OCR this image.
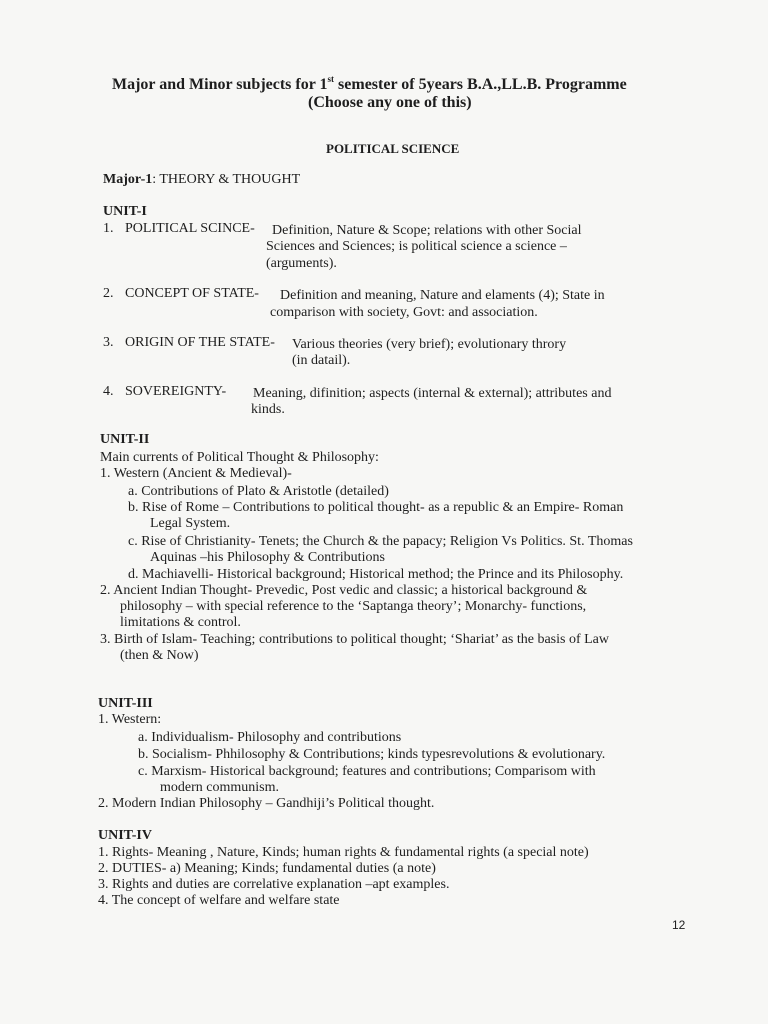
Major and Minor subjects for 1st semester of 5years B.A.,LL.B. Programme
(Choose any one of this)
POLITICAL SCIENCE
Major-1: THEORY & THOUGHT
UNIT-I
1. POLITICAL SCINCE- Definition, Nature & Scope; relations with other Social
Sciences and Sciences; is political science a science –
(arguments).
2. CONCEPT OF STATE- Definition and meaning, Nature and elaments (4); State in
comparison with society, Govt: and association.
3. ORIGIN OF THE STATE- Various theories (very brief); evolutionary throry
(in datail).
4. SOVEREIGNTY- Meaning, difinition; aspects (internal & external); attributes and
kinds.
UNIT-II
Main currents of Political Thought & Philosophy:
1. Western (Ancient & Medieval)-
a. Contributions of Plato & Aristotle (detailed)
b. Rise of Rome – Contributions to political thought- as a republic & an Empire- Roman
Legal System.
c. Rise of Christianity- Tenets; the Church & the papacy; Religion Vs Politics. St. Thomas
Aquinas –his Philosophy & Contributions
d. Machiavelli- Historical background; Historical method; the Prince and its Philosophy.
2. Ancient Indian Thought- Prevedic, Post vedic and classic; a historical background &
philosophy – with special reference to the ‘Saptanga theory’; Monarchy- functions,
limitations & control.
3. Birth of Islam- Teaching; contributions to political thought; ‘Shariat’ as the basis of Law
(then & Now)
UNIT-III
1. Western:
a. Individualism- Philosophy and contributions
b. Socialism- Phhilosophy & Contributions; kinds typesrevolutions & evolutionary.
c. Marxism- Historical background; features and contributions; Comparisom with
modern communism.
2. Modern Indian Philosophy – Gandhiji’s Political thought.
UNIT-IV
1. Rights- Meaning , Nature, Kinds; human rights & fundamental rights (a special note)
2. DUTIES- a) Meaning; Kinds; fundamental duties (a note)
3. Rights and duties are correlative explanation –apt examples.
4. The concept of welfare and welfare state
12
